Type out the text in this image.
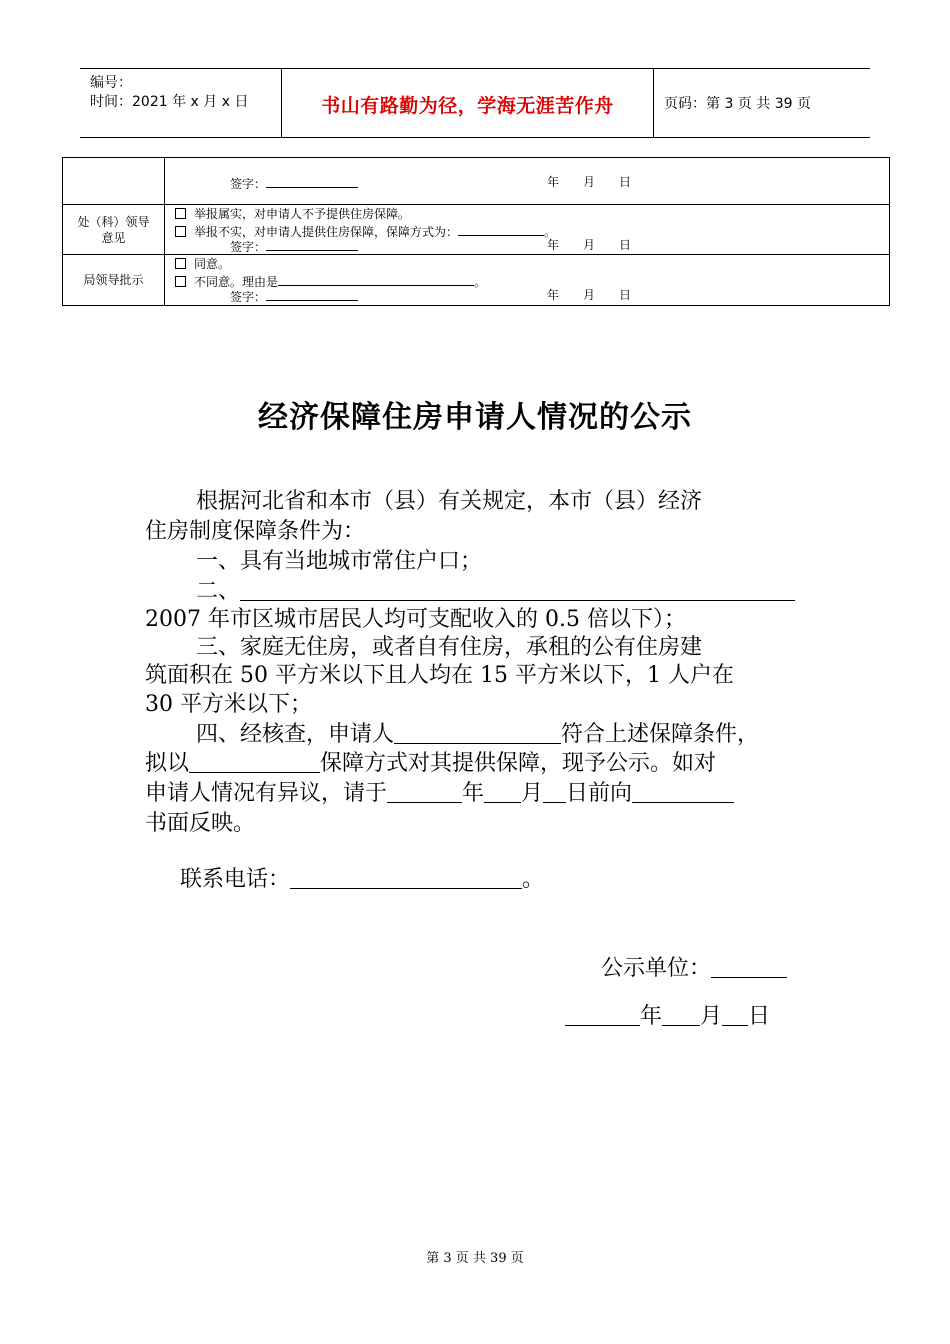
编号：
时间：2021 年 x 月 x 日	书山有路勤为径，学海无涯苦作舟	页码：第 3 页 共 39 页
签字：	年　　月　　日
处（科）领导意见
举报属实，对申请人不予提供住房保障。
举报不实，对申请人提供住房保障，保障方式为：	。
签字：	年　　月　　日
局领导批示
同意。
不同意。理由是	。
签字：	年　　月　　日
经济保障住房申请人情况的公示
根据河北省和本市（县）有关规定，本市（县）经济
住房制度保障条件为：
一、具有当地城市常住户口；
二、
2007 年市区城市居民人均可支配收入的 0.5 倍以下）；
三、家庭无住房，或者自有住房，承租的公有住房建
筑面积在 50 平方米以下且人均在 15 平方米以下，1 人户在
30 平方米以下；
四、经核查，申请人	符合上述保障条件，
拟以	保障方式对其提供保障，现予公示。如对
申请人情况有异议，请于	年 月 日前向
书面反映。
联系电话：	。
公示单位：
年 月 日
第 3 页 共 39 页
